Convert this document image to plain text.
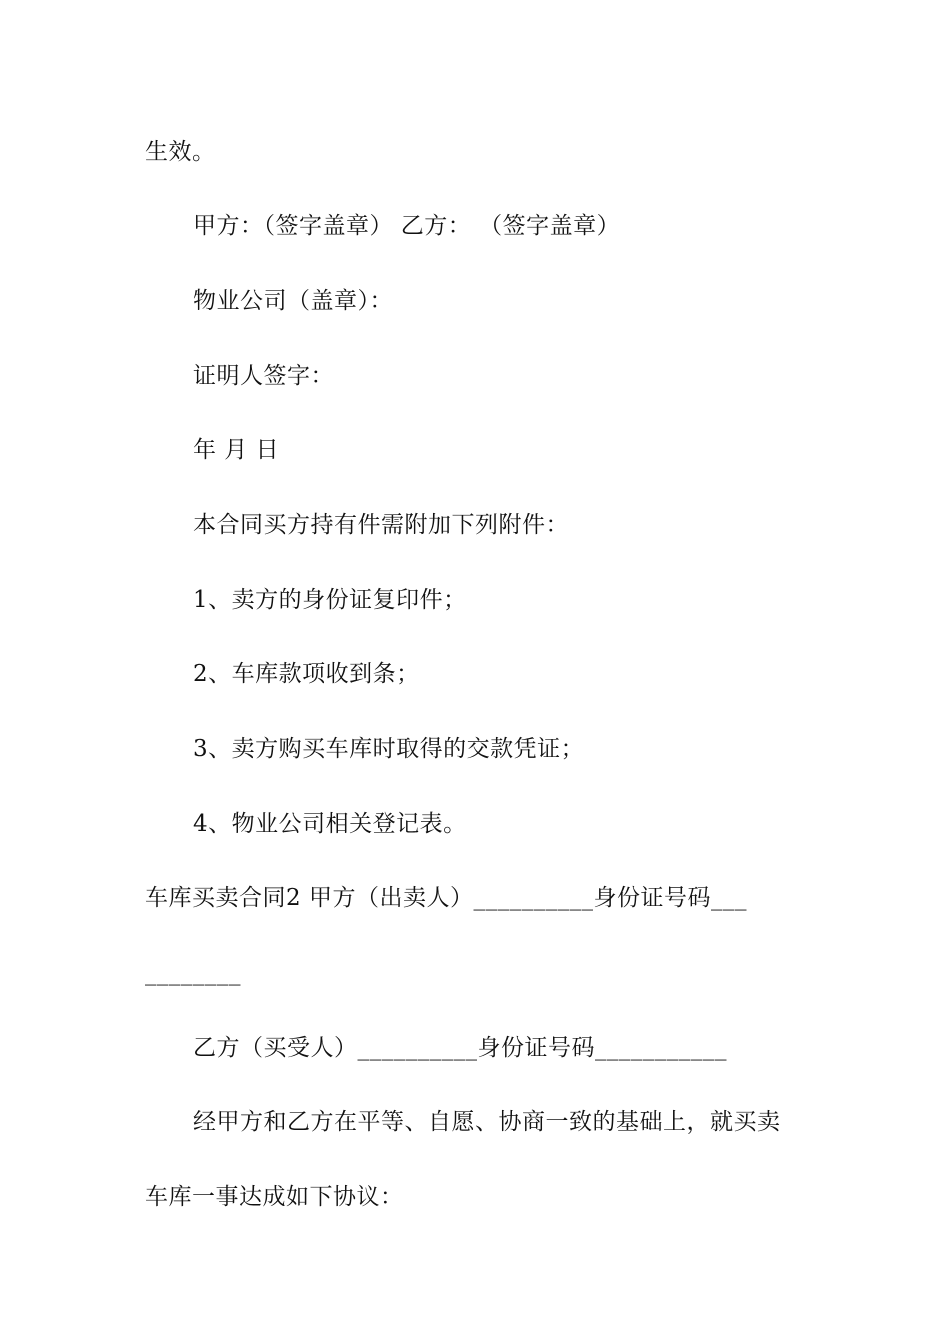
生效。
甲方：（签字盖章） 乙方： （签字盖章）
物业公司（盖章）：
证明人签字：
年 月 日
本合同买方持有件需附加下列附件：
1、卖方的身份证复印件；
2、车库款项收到条；
3、卖方购买车库时取得的交款凭证；
4、物业公司相关登记表。
车库买卖合同2 甲方（出卖人）__________身份证号码___
________
乙方（买受人）__________身份证号码___________
经甲方和乙方在平等、自愿、协商一致的基础上，就买卖
车库一事达成如下协议：
